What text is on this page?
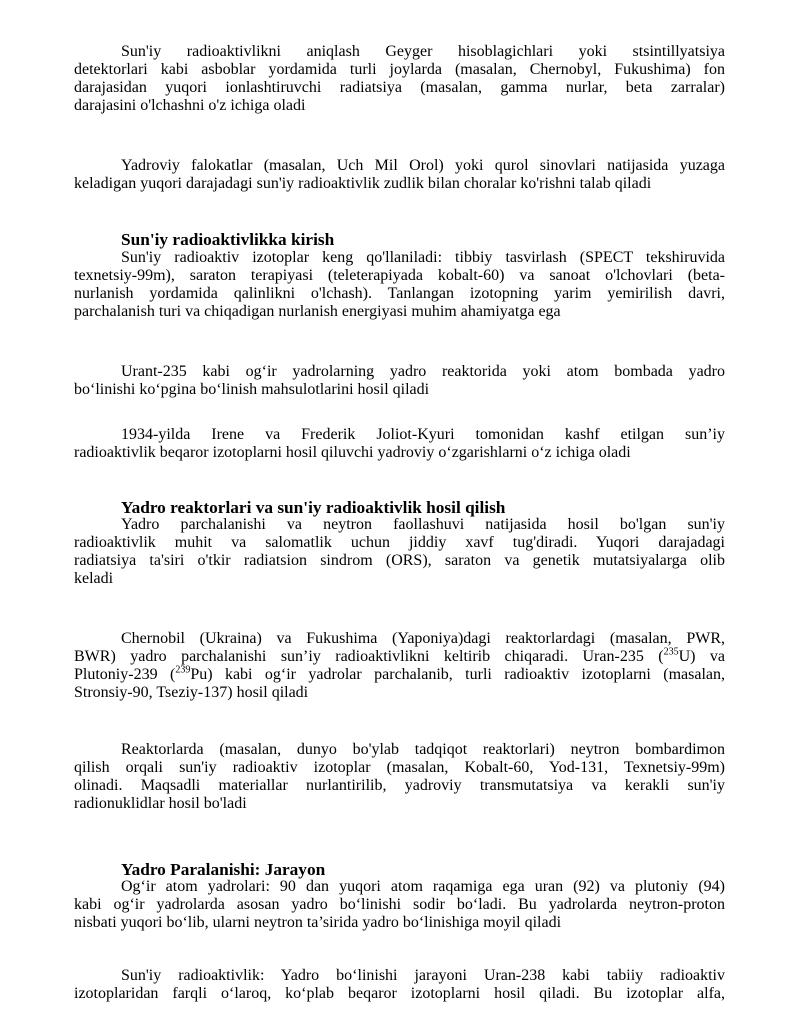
Sun'iy radioaktivlikni aniqlash Geyger hisoblagichlari yoki stsintillyatsiya
detektorlari kabi asboblar yordamida turli joylarda (masalan, Chernobyl, Fukushima) fon
darajasidan yuqori ionlashtiruvchi radiatsiya (masalan, gamma nurlar, beta zarralar)
darajasini o'lchashni o'z ichiga oladi
Yadroviy falokatlar (masalan, Uch Mil Orol) yoki qurol sinovlari natijasida yuzaga
keladigan yuqori darajadagi sun'iy radioaktivlik zudlik bilan choralar ko'rishni talab qiladi
Sun'iy radioaktivlikka kirish
Sun'iy radioaktiv izotoplar keng qo'llaniladi: tibbiy tasvirlash (SPECT tekshiruvida
texnetsiy-99m), saraton terapiyasi (teleterapiyada kobalt-60) va sanoat o'lchovlari (beta-
nurlanish yordamida qalinlikni o'lchash). Tanlangan izotopning yarim yemirilish davri,
parchalanish turi va chiqadigan nurlanish energiyasi muhim ahamiyatga ega
Urant-235 kabi og‘ir yadrolarning yadro reaktorida yoki atom bombada yadro
bo‘linishi ko‘pgina bo‘linish mahsulotlarini hosil qiladi
1934-yilda Irene va Frederik Joliot-Kyuri tomonidan kashf etilgan sun’iy
radioaktivlik beqaror izotoplarni hosil qiluvchi yadroviy o‘zgarishlarni o‘z ichiga oladi
Yadro reaktorlari va sun'iy radioaktivlik hosil qilish
Yadro parchalanishi va neytron faollashuvi natijasida hosil bo'lgan sun'iy
radioaktivlik muhit va salomatlik uchun jiddiy xavf tug'diradi. Yuqori darajadagi
radiatsiya ta'siri o'tkir radiatsion sindrom (ORS), saraton va genetik mutatsiyalarga olib
keladi
Chernobil (Ukraina) va Fukushima (Yaponiya)dagi reaktorlardagi (masalan, PWR,
BWR) yadro parchalanishi sun’iy radioaktivlikni keltirib chiqaradi. Uran-235 ($^{235}$U) va
Plutoniy-239 ($^{239}$Pu) kabi og‘ir yadrolar parchalanib, turli radioaktiv izotoplarni (masalan,
Stronsiy-90, Tseziy-137) hosil qiladi
Reaktorlarda (masalan, dunyo bo'ylab tadqiqot reaktorlari) neytron bombardimon
qilish orqali sun'iy radioaktiv izotoplar (masalan, Kobalt-60, Yod-131, Texnetsiy-99m)
olinadi. Maqsadli materiallar nurlantirilib, yadroviy transmutatsiya va kerakli sun'iy
radionuklidlar hosil bo'ladi
Yadro Paralanishi: Jarayon
Og‘ir atom yadrolari: 90 dan yuqori atom raqamiga ega uran (92) va plutoniy (94)
kabi og‘ir yadrolarda asosan yadro bo‘linishi sodir bo‘ladi. Bu yadrolarda neytron-proton
nisbati yuqori bo‘lib, ularni neytron ta’sirida yadro bo‘linishiga moyil qiladi
Sun'iy radioaktivlik: Yadro bo‘linishi jarayoni Uran-238 kabi tabiiy radioaktiv
izotoplaridan farqli o‘laroq, ko‘plab beqaror izotoplarni hosil qiladi. Bu izotoplar alfa,
